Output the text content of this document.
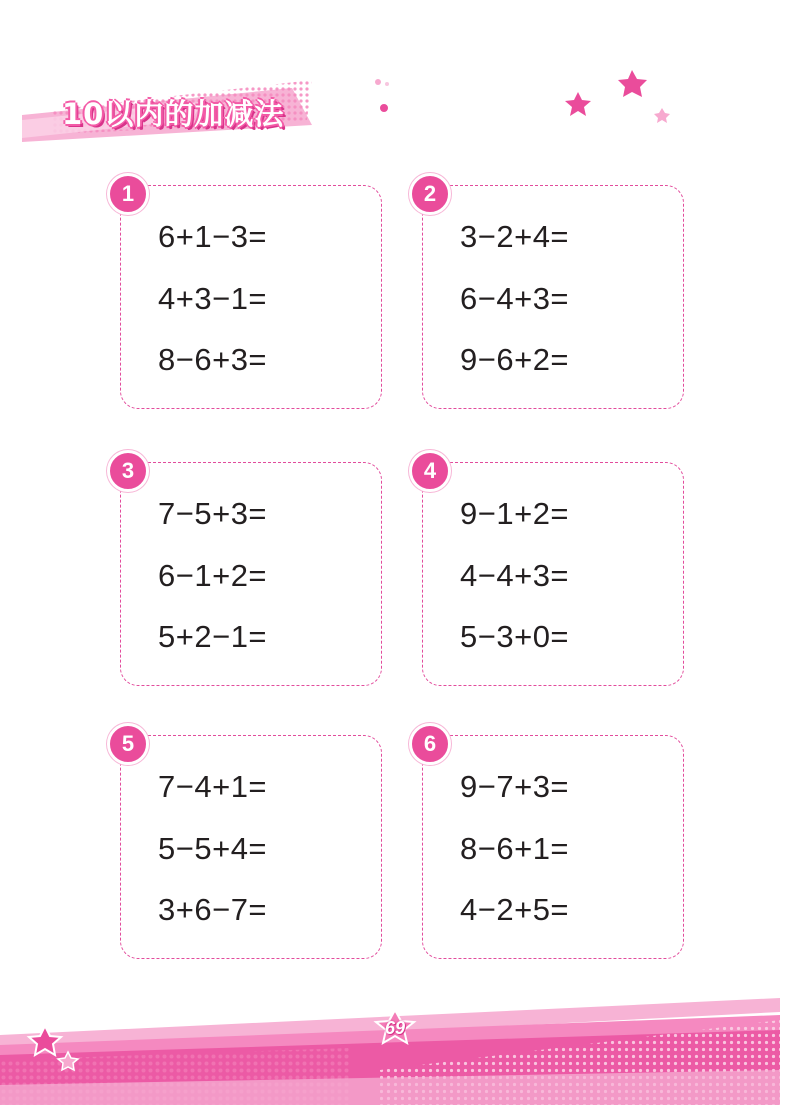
10以内的加减法
1
6+1−3=
4+3−1=
8−6+3=
2
3−2+4=
6−4+3=
9−6+2=
3
7−5+3=
6−1+2=
5+2−1=
4
9−1+2=
4−4+3=
5−3+0=
5
7−4+1=
5−5+4=
3+6−7=
6
9−7+3=
8−6+1=
4−2+5=
69
